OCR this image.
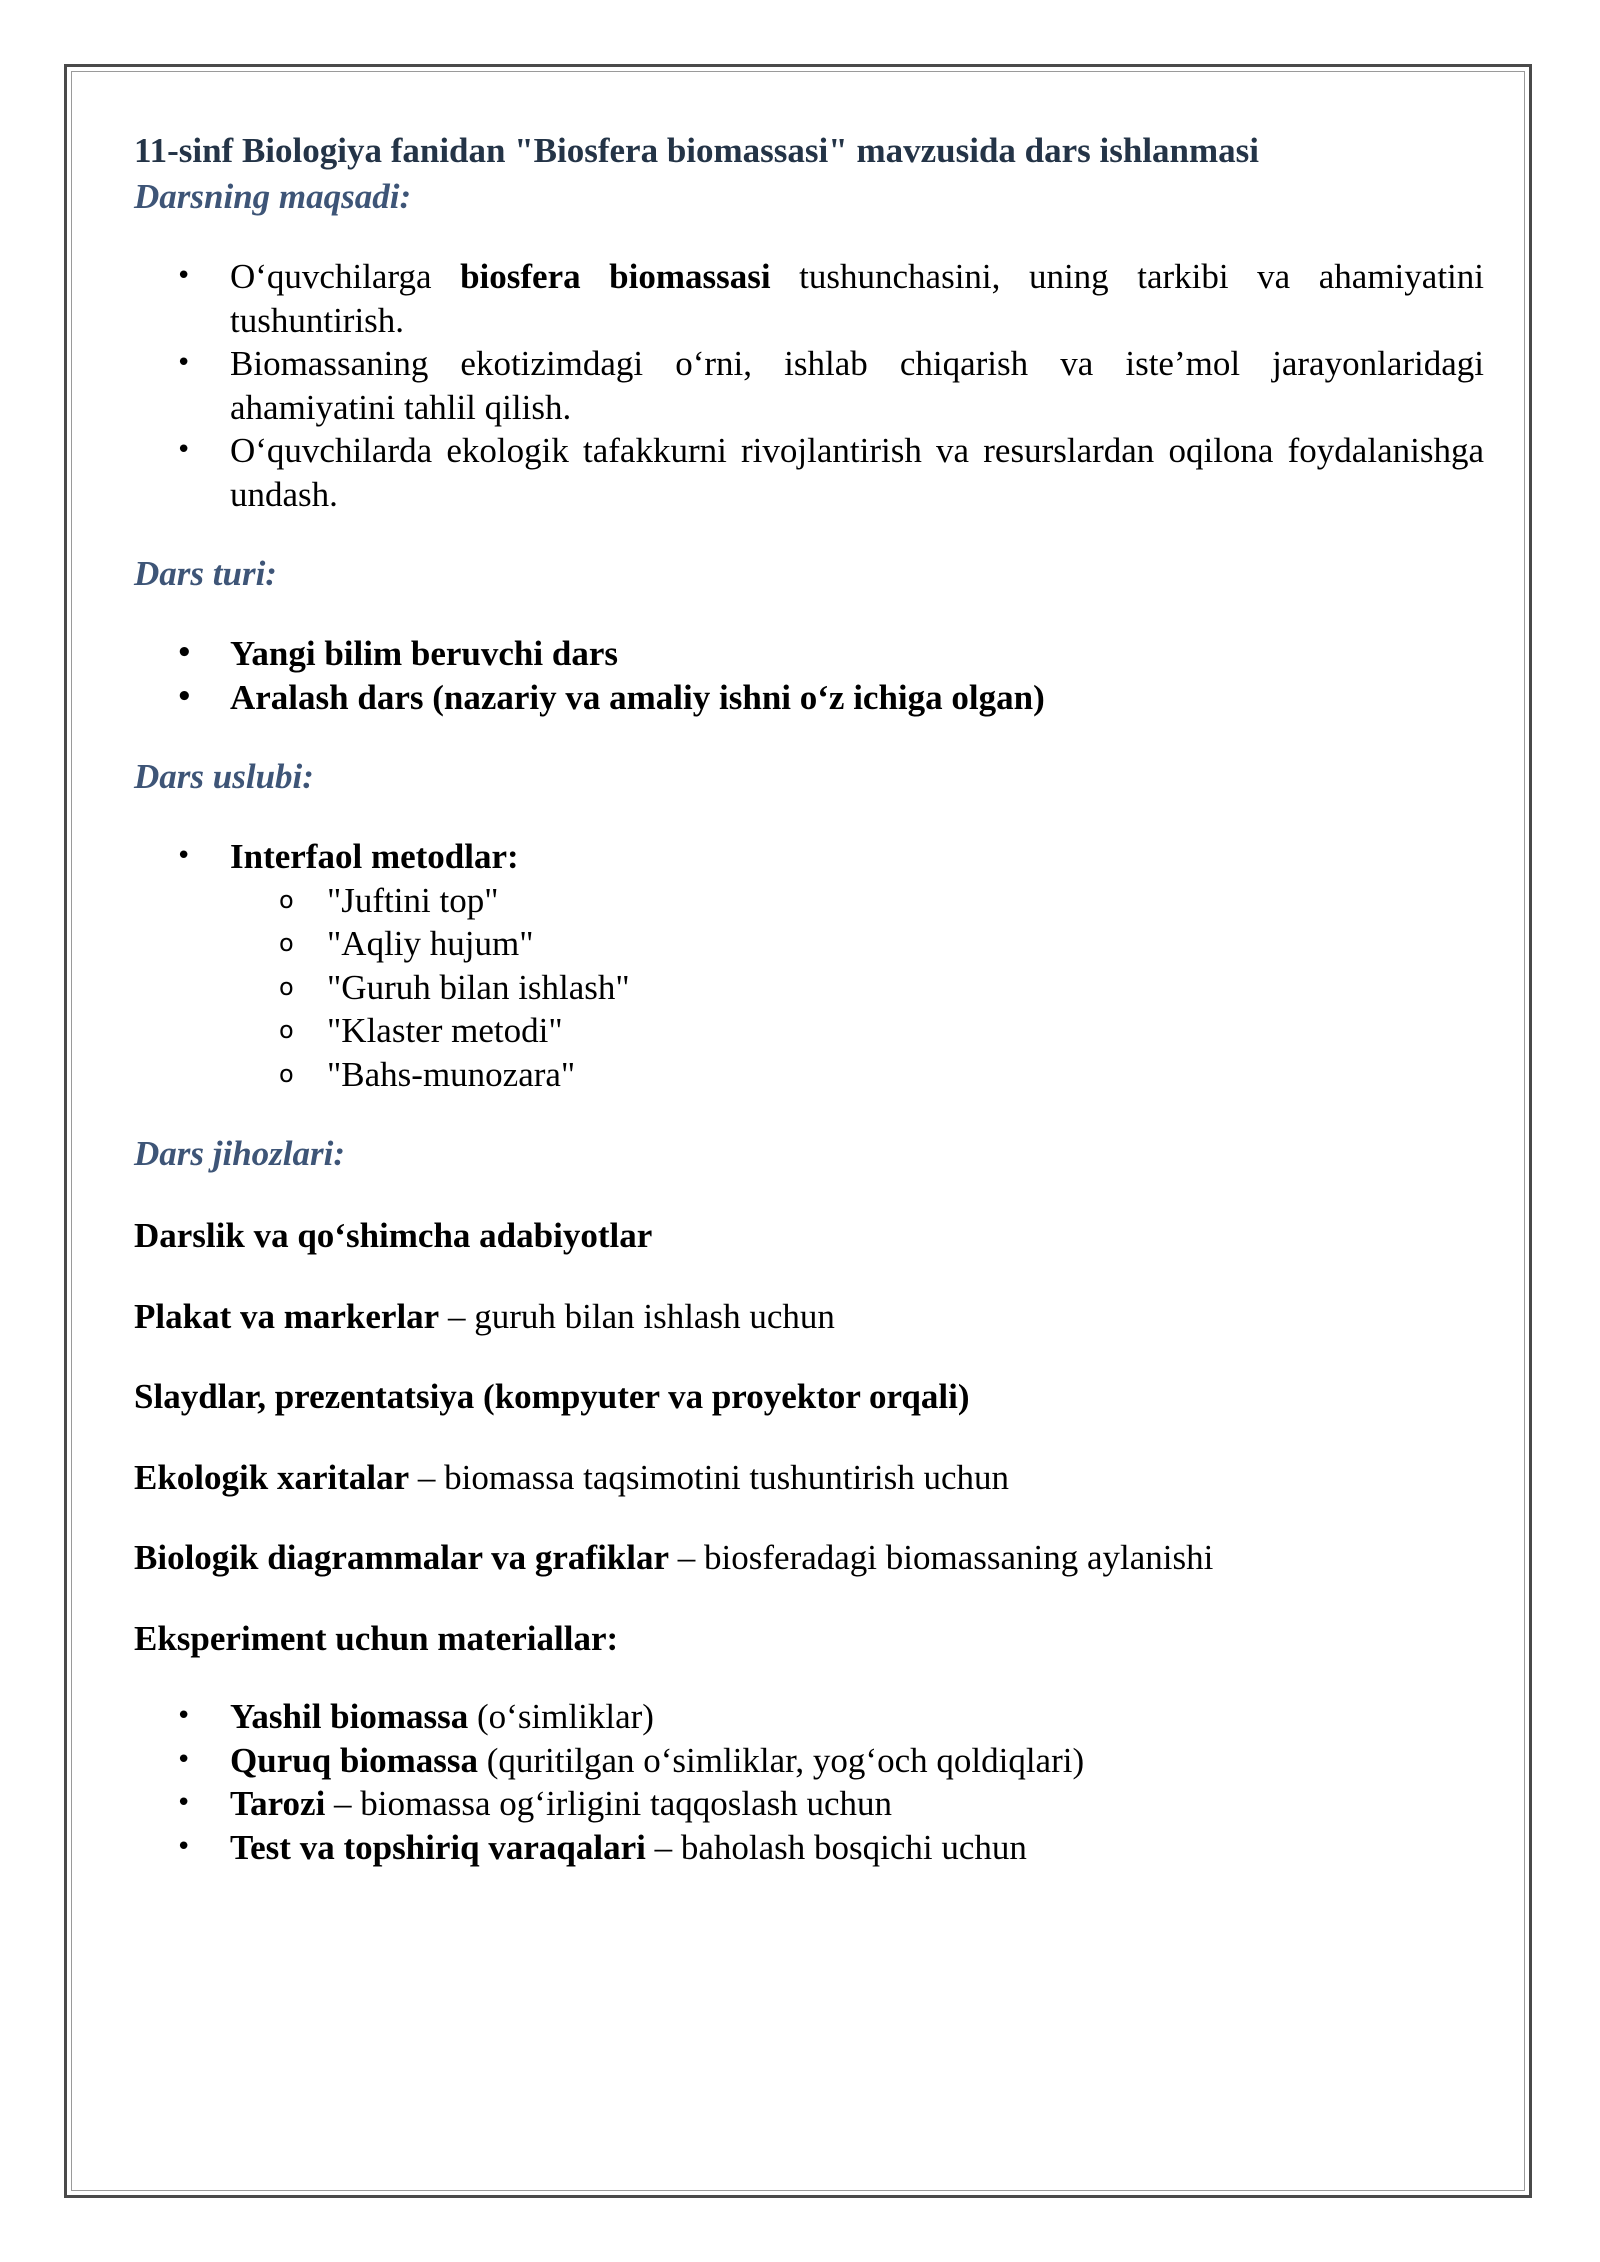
11-sinf Biologiya fanidan "Biosfera biomassasi" mavzusida dars ishlanmasi

Darsning maqsadi:

• O‘quvchilarga biosfera biomassasi tushunchasini, uning tarkibi va ahamiyatini tushuntirish.
• Biomassaning ekotizimdagi o‘rni, ishlab chiqarish va iste’mol jarayonlaridagi ahamiyatini tahlil qilish.
• O‘quvchilarda ekologik tafakkurni rivojlantirish va resurslardan oqilona foydalanishga undash.

Dars turi:

• Yangi bilim beruvchi dars
• Aralash dars (nazariy va amaliy ishni o‘z ichiga olgan)

Dars uslubi:

• Interfaol metodlar:
o "Juftini top"
o "Aqliy hujum"
o "Guruh bilan ishlash"
o "Klaster metodi"
o "Bahs-munozara"

Dars jihozlari:

Darslik va qo‘shimcha adabiyotlar

Plakat va markerlar – guruh bilan ishlash uchun

Slaydlar, prezentatsiya (kompyuter va proyektor orqali)

Ekologik xaritalar – biomassa taqsimotini tushuntirish uchun

Biologik diagrammalar va grafiklar – biosferadagi biomassaning aylanishi

Eksperiment uchun materiallar:

• Yashil biomassa (o‘simliklar)
• Quruq biomassa (quritilgan o‘simliklar, yog‘och qoldiqlari)
• Tarozi – biomassa og‘irligini taqqoslash uchun
• Test va topshiriq varaqalari – baholash bosqichi uchun
